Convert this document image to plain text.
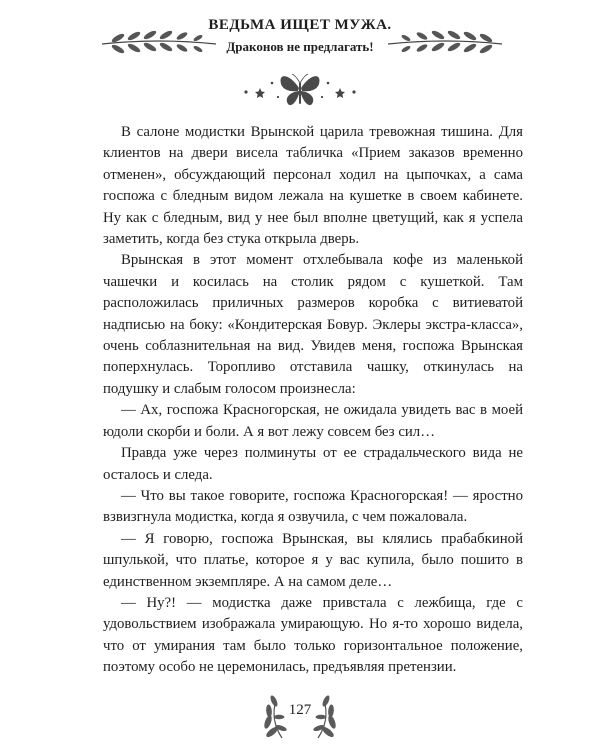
ВЕДЬМА ИЩЕТ МУЖА.
Драконов не предлагать!

В салоне модистки Врынской царила тревожная тишина. Для клиентов на двери висела табличка «Прием заказов временно отменен», обсуждающий персонал ходил на цыпочках, а сама госпожа с бледным видом лежала на кушетке в своем кабинете. Ну как с бледным, вид у нее был вполне цветущий, как я успела заметить, когда без стука открыла дверь.

Врынская в этот момент отхлебывала кофе из маленькой чашечки и косилась на столик рядом с кушеткой. Там расположилась приличных размеров коробка с витиеватой надписью на боку: «Кондитерская Бовур. Эклеры экстра-класса», очень соблазнительная на вид. Увидев меня, госпожа Врынская поперхнулась. Торопливо отставила чашку, откинулась на подушку и слабым голосом произнесла:

— Ах, госпожа Красногорская, не ожидала увидеть вас в моей юдоли скорби и боли. А я вот лежу совсем без сил…

Правда уже через полминуты от ее страдальческого вида не осталось и следа.

— Что вы такое говорите, госпожа Красногорская! — яростно взвизгнула модистка, когда я озвучила, с чем пожаловала.

— Я говорю, госпожа Врынская, вы клялись прабабкиной шпулькой, что платье, которое я у вас купила, было пошито в единственном экземпляре. А на самом деле…

— Ну?! — модистка даже привстала с лежбища, где с удовольствием изображала умирающую. Но я-то хорошо видела, что от умирания там было только горизонтальное положение, поэтому особо не церемонилась, предъявляя претензии.

127
